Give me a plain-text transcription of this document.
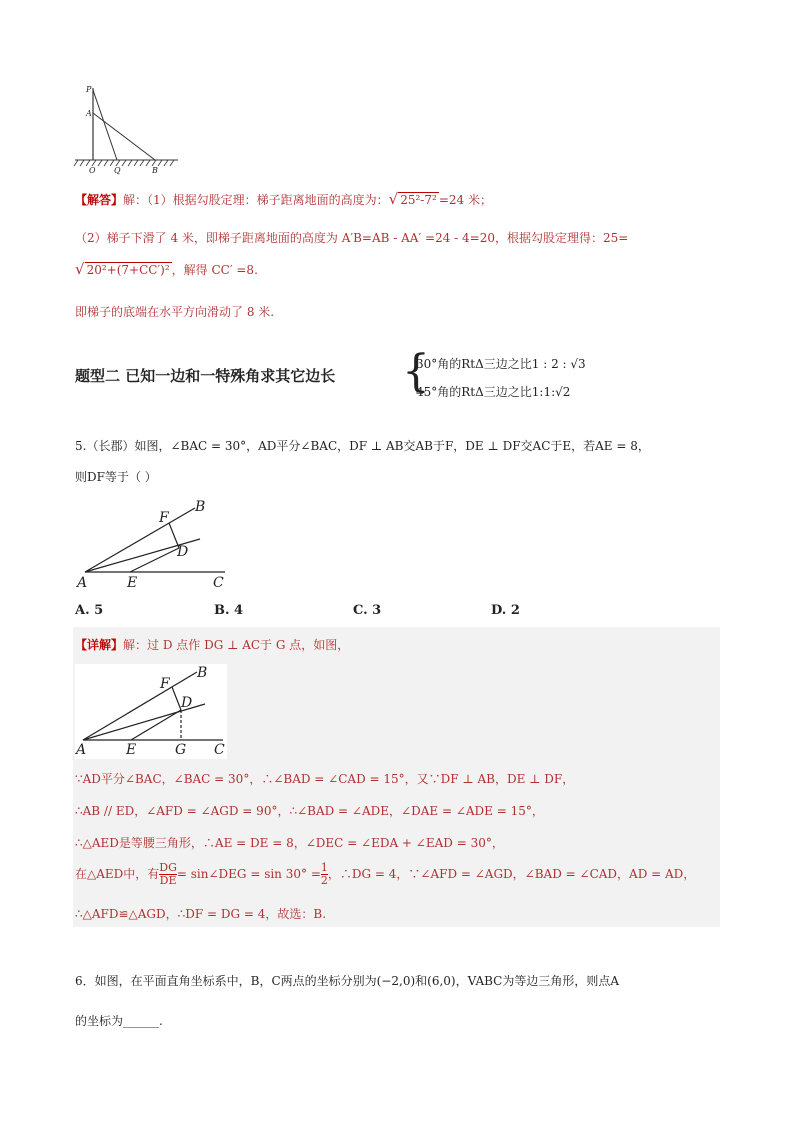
P
A
O Q	B
【解答】解：（1）根据勾股定理：梯子距离地面的高度为：√ 25²-7² =24 米；
（2）梯子下滑了 4 米，即梯子距离地面的高度为 A′B=AB - AA′ =24 - 4=20，根据勾股定理得：25=
√ 20²+(7+CC′)² ，解得 CC′ =8.
即梯子的底端在水平方向滑动了 8 米.
题型二 已知一边和一特殊角求其它边长 {
30°角的RtΔ三边之比1 : 2 : √3
45°角的RtΔ三边之比1:1:√2
5.（长郡）如图，∠BAC = 30°，AD平分∠BAC，DF ⊥ AB交AB于F，DE ⊥ DF交AC于E，若AE = 8，
则DF等于（ ）
B
F
D
A	E	C
A. 5	B. 4	C. 3	D. 2
【详解】解：过 D 点作 DG ⊥ AC于 G 点，如图，
B
F
D
A	E	G C
∵AD平分∠BAC，∠BAC = 30°，∴∠BAD = ∠CAD = 15°，又∵DF ⊥ AB，DE ⊥ DF，
∴AB // ED，∠AFD = ∠AGD = 90°，∴∠BAD = ∠ADE，∠DAE = ∠ADE = 15°，
∴△AED是等腰三角形，∴AE = DE = 8，∠DEC = ∠EDA + ∠EAD = 30°，
在△AED中，有 $\frac{DG}{DE}$ = sin∠DEG = $\sin 30^\circ = \frac{1}{2}$ ，∴DG = 4，∵∠AFD = ∠AGD，∠BAD = ∠CAD，AD = AD，
∴△AFD≌△AGD，∴DF = DG = 4，故选：B.
6．如图，在平面直角坐标系中，B，C两点的坐标分别为(−2,0)和(6,0)，VABC为等边三角形，则点A
的坐标为______.
